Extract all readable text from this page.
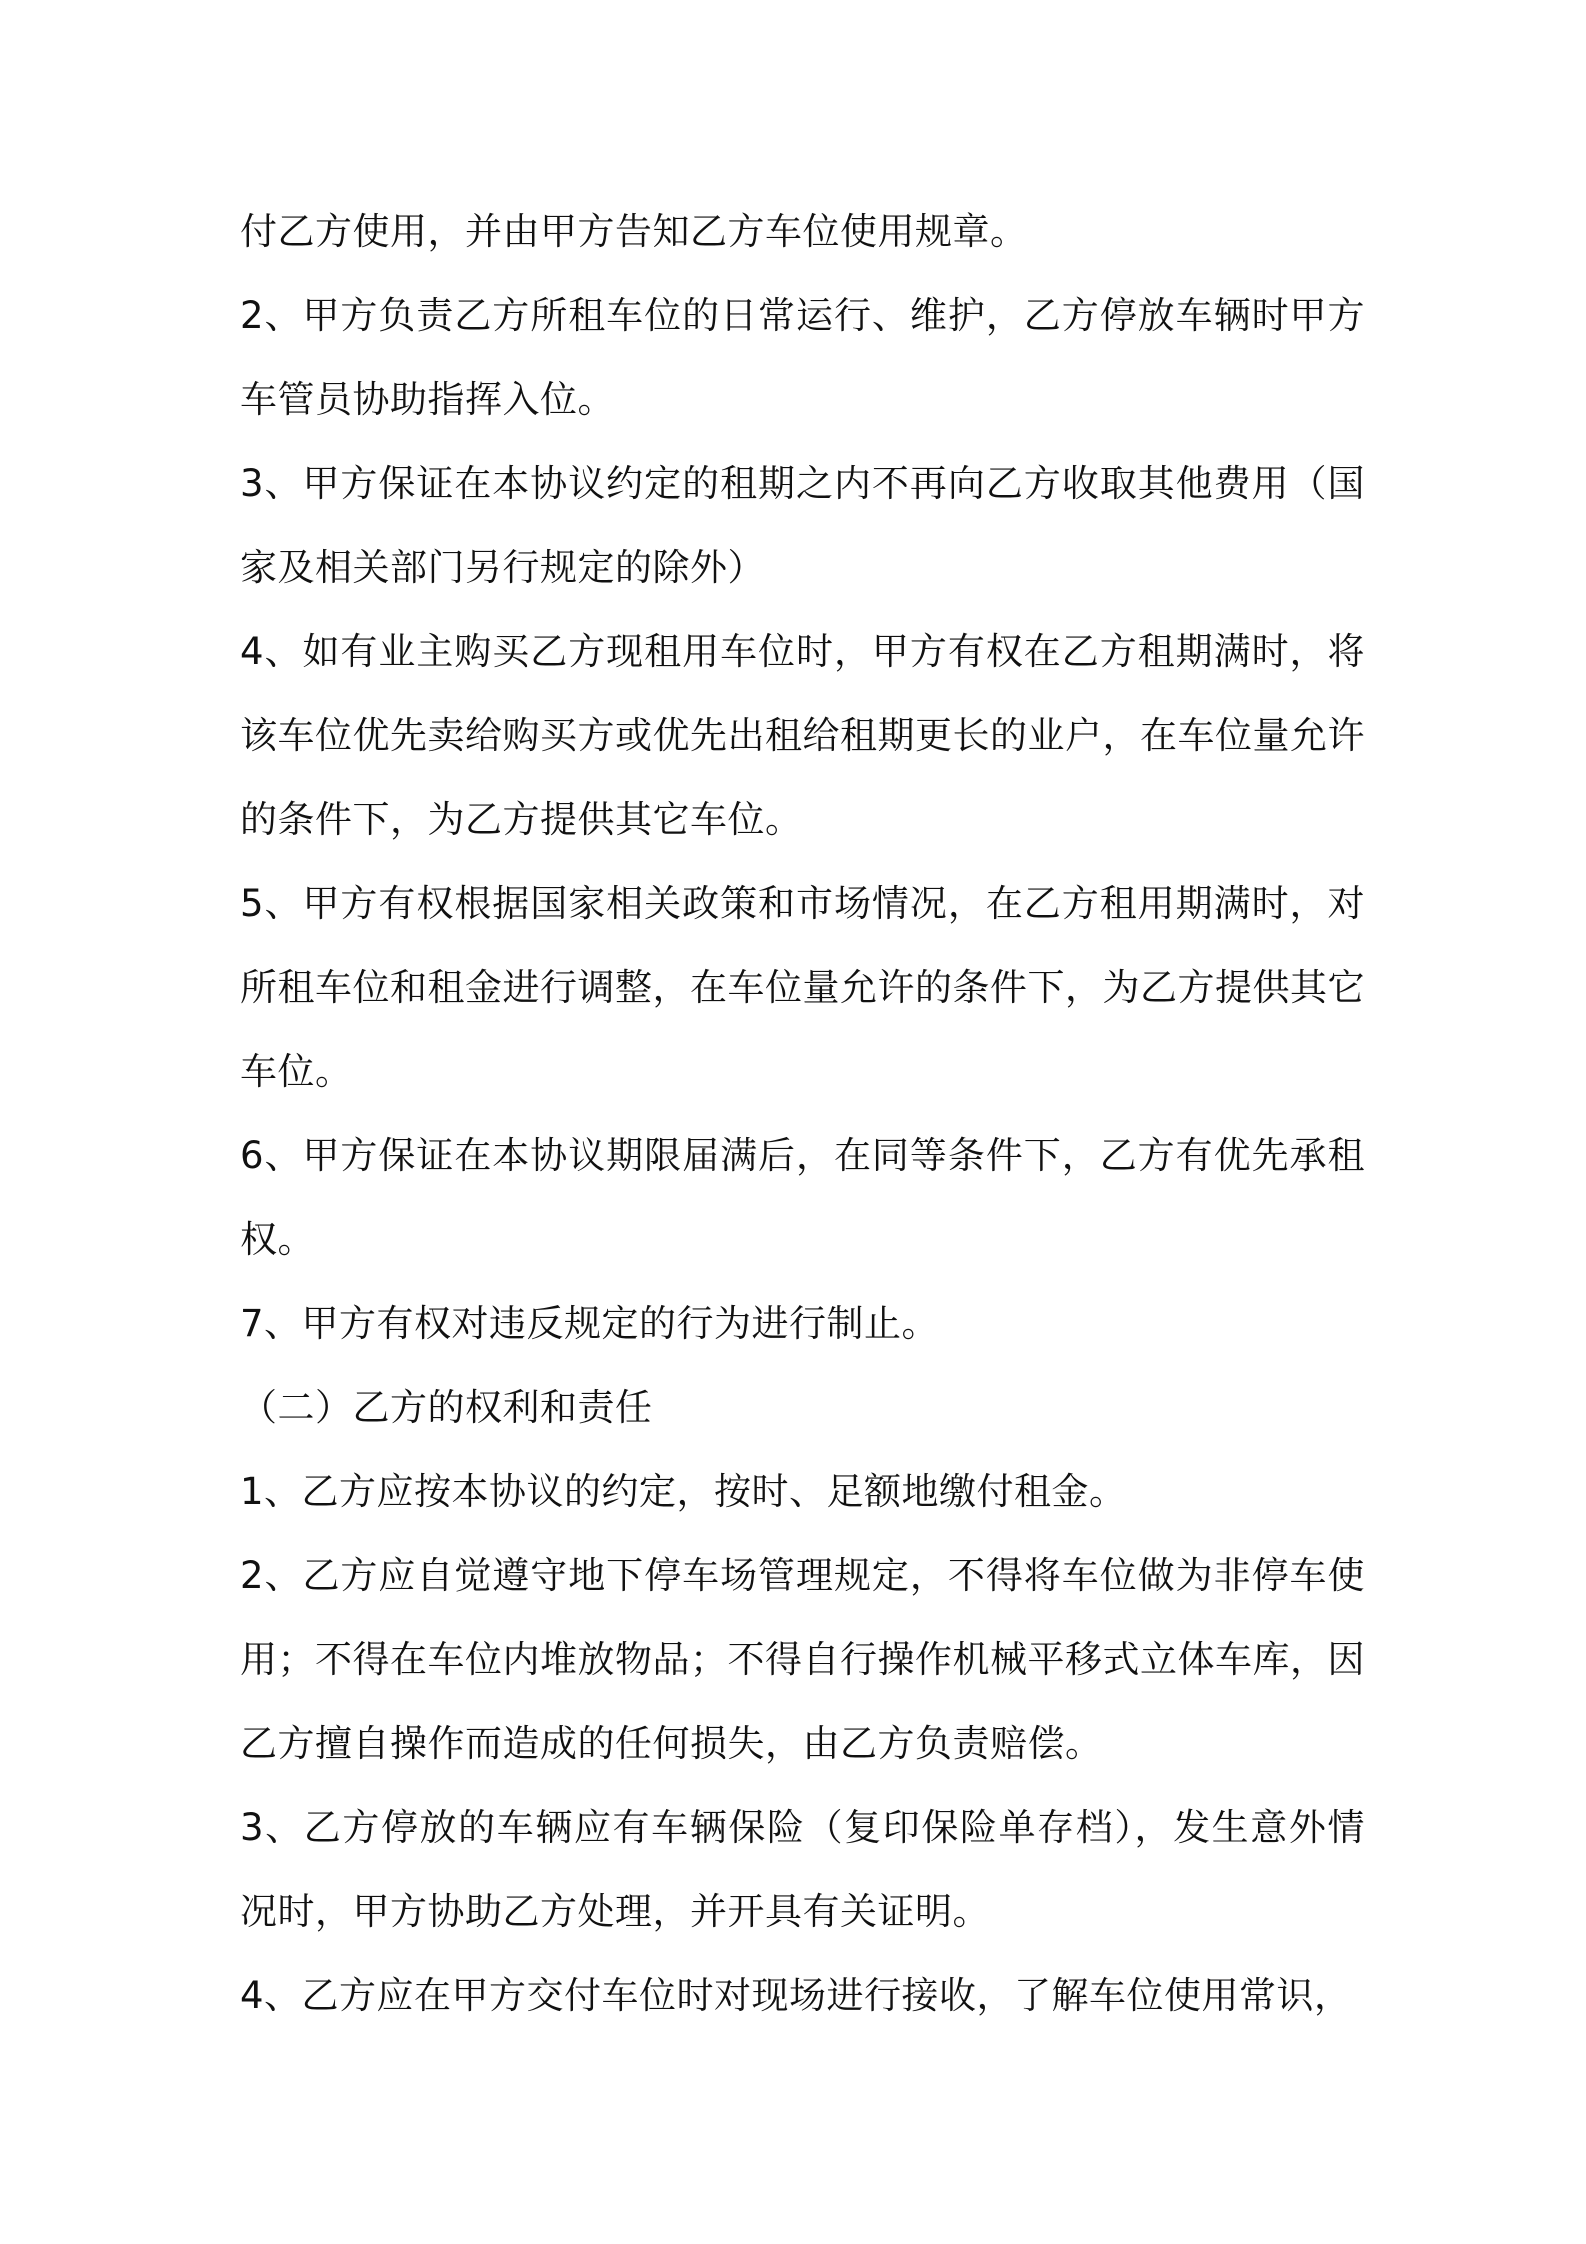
付乙方使用，并由甲方告知乙方车位使用规章。

2、甲方负责乙方所租车位的日常运行、维护，乙方停放车辆时甲方车管员协助指挥入位。

3、甲方保证在本协议约定的租期之内不再向乙方收取其他费用（国家及相关部门另行规定的除外）

4、如有业主购买乙方现租用车位时，甲方有权在乙方租期满时，将该车位优先卖给购买方或优先出租给租期更长的业户，在车位量允许的条件下，为乙方提供其它车位。

5、甲方有权根据国家相关政策和市场情况，在乙方租用期满时，对所租车位和租金进行调整，在车位量允许的条件下，为乙方提供其它车位。

6、甲方保证在本协议期限届满后，在同等条件下，乙方有优先承租权。

7、甲方有权对违反规定的行为进行制止。

（二）乙方的权利和责任

1、乙方应按本协议的约定，按时、足额地缴付租金。

2、乙方应自觉遵守地下停车场管理规定，不得将车位做为非停车使用；不得在车位内堆放物品；不得自行操作机械平移式立体车库，因乙方擅自操作而造成的任何损失，由乙方负责赔偿。

3、乙方停放的车辆应有车辆保险（复印保险单存档），发生意外情况时，甲方协助乙方处理，并开具有关证明。

4、乙方应在甲方交付车位时对现场进行接收，了解车位使用常识，
